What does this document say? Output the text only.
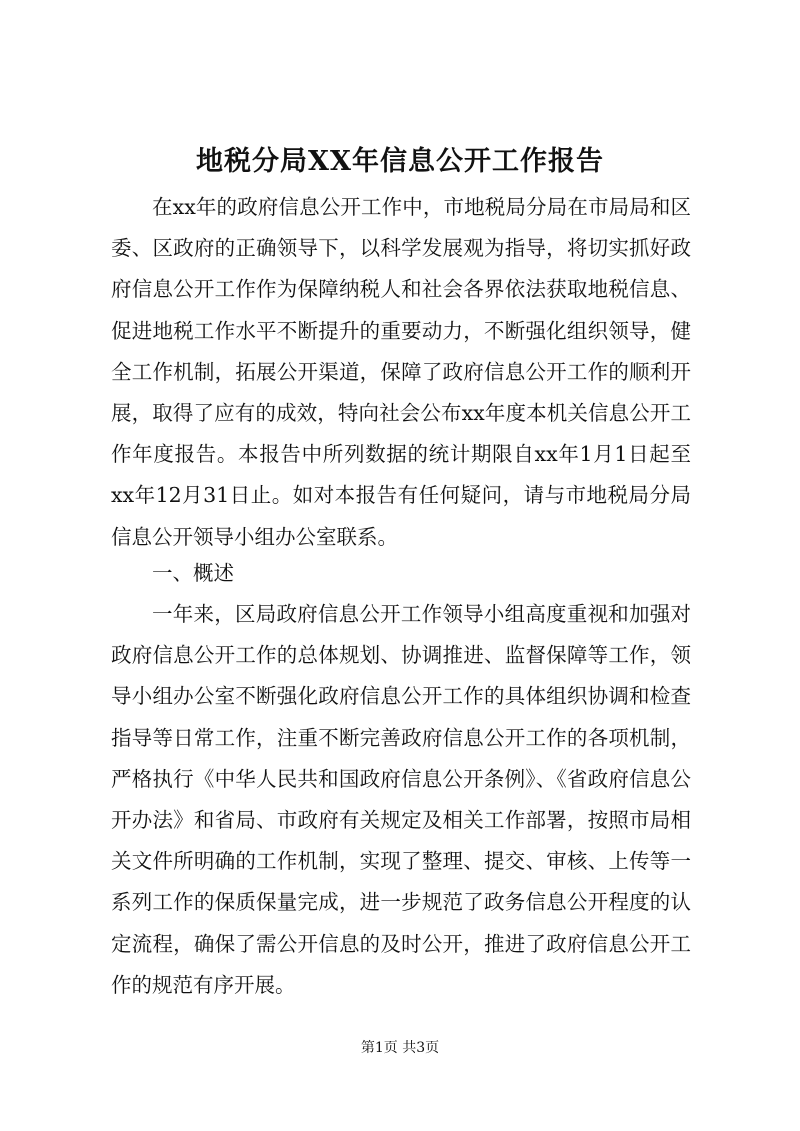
地税分局XX年信息公开工作报告

在xx年的政府信息公开工作中，市地税局分局在市局局和区委、区政府的正确领导下，以科学发展观为指导，将切实抓好政府信息公开工作作为保障纳税人和社会各界依法获取地税信息、促进地税工作水平不断提升的重要动力，不断强化组织领导，健全工作机制，拓展公开渠道，保障了政府信息公开工作的顺利开展，取得了应有的成效，特向社会公布xx年度本机关信息公开工作年度报告。本报告中所列数据的统计期限自xx年1月1日起至xx年12月31日止。如对本报告有任何疑问，请与市地税局分局信息公开领导小组办公室联系。

一、概述

一年来，区局政府信息公开工作领导小组高度重视和加强对政府信息公开工作的总体规划、协调推进、监督保障等工作，领导小组办公室不断强化政府信息公开工作的具体组织协调和检查指导等日常工作，注重不断完善政府信息公开工作的各项机制，严格执行《中华人民共和国政府信息公开条例》、《省政府信息公开办法》和省局、市政府有关规定及相关工作部署，按照市局相关文件所明确的工作机制，实现了整理、提交、审核、上传等一系列工作的保质保量完成，进一步规范了政务信息公开程度的认定流程，确保了需公开信息的及时公开，推进了政府信息公开工作的规范有序开展。

第1页 共3页
